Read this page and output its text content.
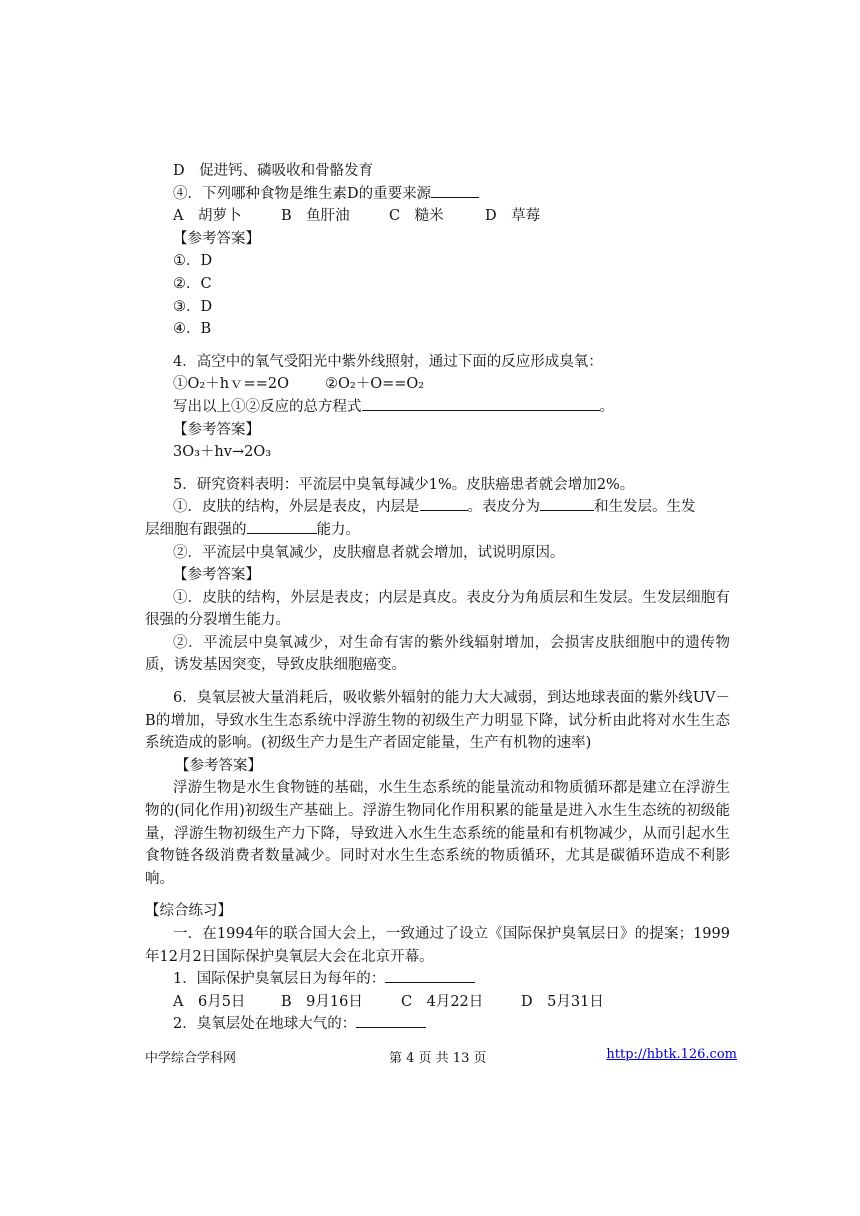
D　促进钙、磷吸收和骨骼发育
④．下列哪种食物是维生素D的重要来源
A　胡萝卜	B　鱼肝油	C　糙米	D　草莓
【参考答案】
①．D
②．C
③．D
④．B
4．高空中的氧气受阳光中紫外线照射，通过下面的反应形成臭氧：
①O₂＋hｖ==2O ②O₂＋O==O₂
写出以上①②反应的总方程式	。
【参考答案】
3O₃＋hv→2O₃
5．研究资料表明：平流层中臭氧每减少1%。皮肤癌患者就会增加2%。
①．皮肤的结构，外层是表皮，内层是	。表皮分为	和生发层。生发
层细胞有跟强的	能力。
②．平流层中臭氧减少，皮肤瘤息者就会增加，试说明原因。
【参考答案】
①．皮肤的结构，外层是表皮；内层是真皮。表皮分为角质层和生发层。生发层细胞有很强的分裂增生能力。
②．平流层中臭氧减少，对生命有害的紫外线辐射增加，会损害皮肤细胞中的遗传物质，诱发基因突变，导致皮肤细胞癌变。
6．臭氧层被大量消耗后，吸收紫外辐射的能力大大减弱，到达地球表面的紫外线UV－B的增加，导致水生生态系统中浮游生物的初级生产力明显下降，试分析由此将对水生生态系统造成的影响。(初级生产力是生产者固定能量，生产有机物的速率)
【参考答案】
浮游生物是水生食物链的基础，水生生态系统的能量流动和物质循环都是建立在浮游生物的(同化作用)初级生产基础上。浮游生物同化作用积累的能量是进入水生生态统的初级能量，浮游生物初级生产力下降，导致进入水生生态系统的能量和有机物减少，从而引起水生食物链各级消费者数量减少。同时对水生生态系统的物质循环，尤其是碳循环造成不利影响。
【综合练习】
一．在1994年的联合国大会上，一致通过了设立《国际保护臭氧层日》的提案；1999年12月2日国际保护臭氧层大会在北京开幕。
1．国际保护臭氧层日为每年的：
A　6月5日 B　9月16日	C　4月22日	D　5月31日
2．臭氧层处在地球大气的：
中学综合学科网	第 4 页 共 13 页	http://hbtk.126.com
